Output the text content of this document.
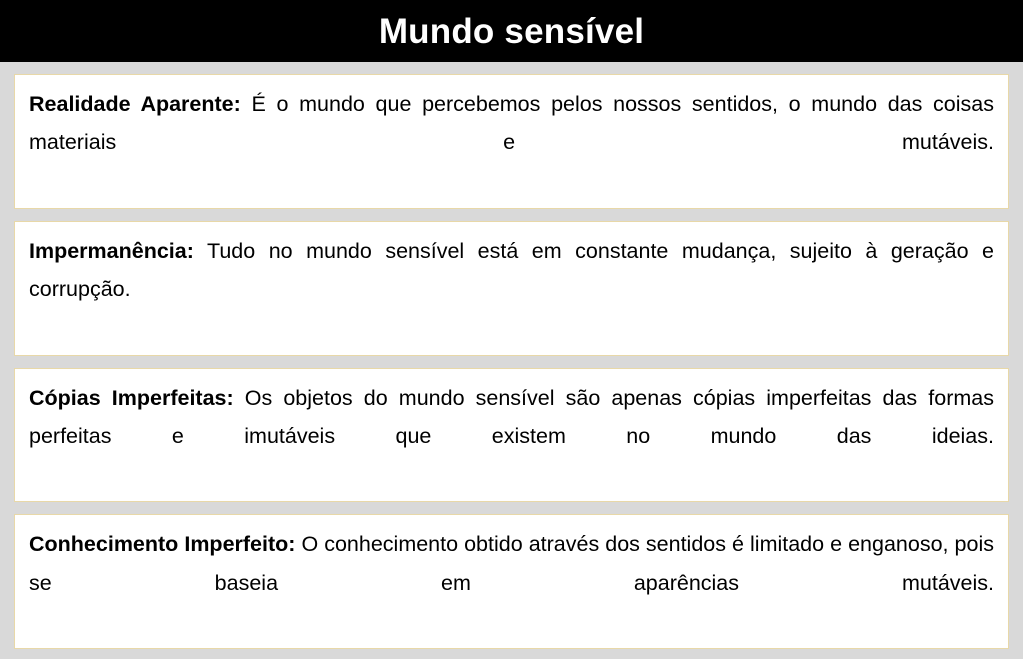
Mundo sensível

Realidade Aparente: É o mundo que percebemos pelos nossos sentidos, o mundo das coisas materiais e mutáveis.

Impermanência: Tudo no mundo sensível está em constante mudança, sujeito à geração e corrupção.

Cópias Imperfeitas: Os objetos do mundo sensível são apenas cópias imperfeitas das formas perfeitas e imutáveis que existem no mundo das ideias.

Conhecimento Imperfeito: O conhecimento obtido através dos sentidos é limitado e enganoso, pois se baseia em aparências mutáveis.
